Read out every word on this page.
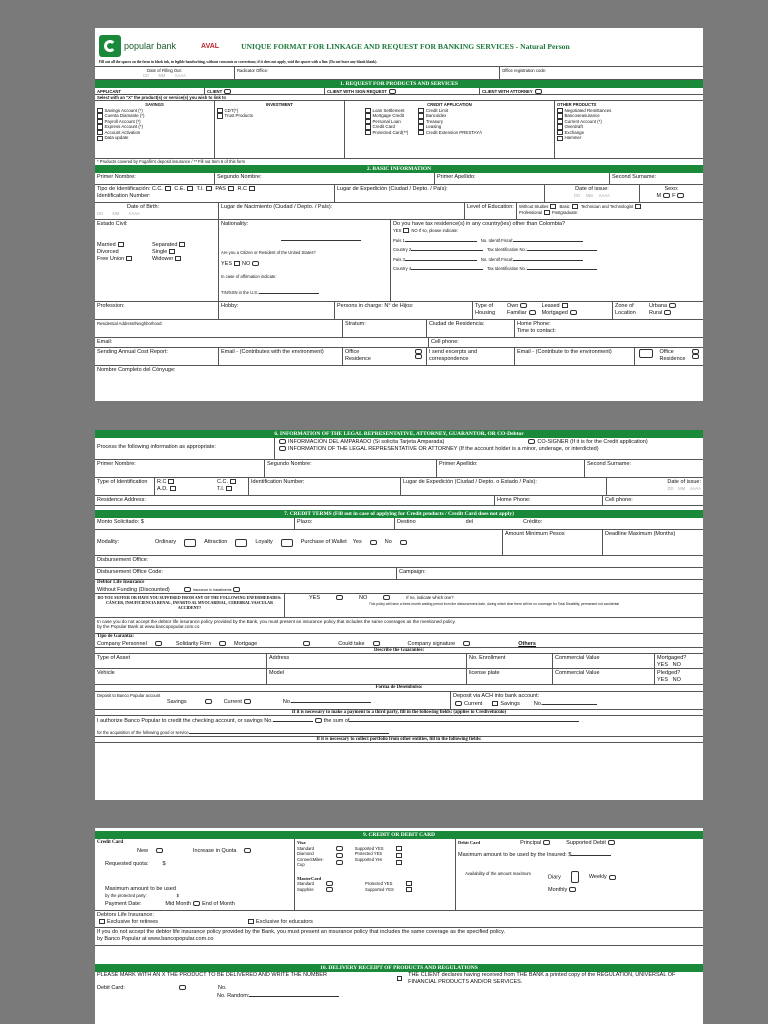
popular bank	AVAL	UNIQUE FORMAT FOR LINKAGE AND REQUEST FOR BANKING SERVICES - Natural Person
Fill out all the spaces on the form in black ink, in legible handwriting, without crossouts or corrections; if it does not apply, void the spaces with a line. (Do not leave any blank blank).
Date of Filling Out:
DD MM AAAA
Radicator Office:	Office registration code:
1. REQUEST FOR PRODUCTS AND SERVICES
APPLICANT	CLIENT	CLIENT WITH SIGN REQUEST	CLIENT WITH ATTORNEY
Select with an "X" the product(s) or service(s) you wish to link to
SAVINGS
Savings Account (*)
Cuenta Diamante (*)
Payroll Account (*)
Express Account (*)
Account Activation
Data update
INVESTMENT
CDT(*)
Trust Products
CREDIT APPLICATION
Loan Settlement
Mortgage Credit
Personal Loan
Credit Card
Protected Card(**)
Credit Limit
Bancoldex
Treasury
Leasing
Credit Extension PRESTAYÁ
OTHER PRODUCTS
Negotiated Remittances
Bancoseasurance
Current Account (*)
Overdraft
Exchange
Hammer
* Products covered by Fogafín's deposit insurance / ** Fill out Item 6 of this form
2. BASIC INFORMATION
Primer Nombre:	Segundo Nombre:	Primer Apellido:	Second Surname:
Tipo de Identificación: C.C. C.E. T.I. PAS R.C
Identification Number:
Lugar de Expedición (Ciudad / Depto. / País):	Date of issue:
DD MM AAAA
Sexo:
M F
Date of Birth:
DD MM AAAA
Lugar de Nacimiento (Ciudad / Depto. / País):	Level of Education:	Without Studies	Basic	Technician and Technologist
Professional Postgraduate:
Estado Civil:
Married
Divorced
Free Union
Separated
Single
Widower
Nationality:
Are you a Citizen or Resident of the United States?
YES NO
In case of affirmation indicate:
TIN/SSN in the U.S.:
Do you have tax residence(s) in any country(ies) other than Colombia?
YES NO If so, please indicate:
País 1	No. Identif.Fiscal:
Country 2	Tax Identification No.:
País 3	No. Identif.Fiscal:
Country 4	Tax Identification No.:
Profession:	Hobby:	Persons in charge: N° de Hijos:	Type of Housing
Own
Familiar
Leased
Mortgaged
Zone of Location
Urbana
Rural
Residential Address/Neighborhood:	Stratum:	Ciudad de Residencia:	Home Phone:
Time to contact:
Email:	Cell phone:
Sending Annual Cost Report:	Email - (Contributes with the environment)	Office
Residence
I send excerpts and correspondence
Email - (Contribute to the environment)	Office
Residence
Nombre Completo del Cónyuge:
6. INFORMATION OF THE LEGAL REPRESENTATIVE, ATTORNEY, GUARANTOR, OR CO-Debtor
Process the following information as appropriate:
INFORMACIÓN DEL AMPARADO (Si solicita Tarjeta Amparada)	CO-SIGNER (If it is for the Credit application)
INFORMATION OF THE LEGAL REPRESENTATIVE OR ATTORNEY (If the account holder is a minor, underage, or interdicted)
Primer Nombre:	Segundo Nombre:	Primer Apellido:	Second Surname:
Type of Identification	R.C
A.D.
C.C.
T.I.
Identification Number:	Lugar de Expedición (Ciudad / Depto. o Estado / País):	Date of issue:
DD MM AAAA
Residence Address:	Home Phone:	Cell phone:
7. CREDIT TERMS (Fill out in case of applying for Credit products / Credit Card does not apply)
Monto Solicitado: $	Plazo:	Destino	del	Crédito:
Modality:	Ordinary	Attraction	Loyalty	Purchase of Wallet Yes	No
Amount Minimum Pesos	Deadline Maximum (Months)
Disbursement Office:
Disbursement Office Code:	Campaign:
Debtor Life Insurance
Without Funding (Discounted)	Insurance in Installments
DO YOU SUFFER OR HAVE YOU SUFFERED FROM ANY OF THE FOLLOWING ENFERMEDADES: CÁNCER, INSUFICIENCIA RENAL, INFARTO AL MYOCARDIAL, CEREBRAL VASCULAR ACCIDENT?
YES	NO	If no, indicate which one?
This policy will have a three-month waiting period from the disbursement date, during which time there will be no coverage for Total Disability, permanent not accidental
In case you do not accept the debtor life insurance policy provided by the Bank, you must present an insurance policy that includes the same coverages as the mentioned policy.
by the Popular Bank at www.bancopopular.com.co
Tipo de Garantía:
Company Personnel	Solidarity Firm	Mortgage	Could take	Company signature	Others
Describe the Guarantee:
Type of Asset	Address	No. Enrollment	Commercial Value	Mortgaged?
YES NO
Vehicle	Model	license plate	Commercial Value	Pledged?
YES NO
Forma de Desembolso:
Deposit to Banco Popular account
Savings	Current	No.
Deposit via ACH into bank account:
Current	Savings	No.
If it is necessary to make a payment to a third party, fill in the following fields: (applies to Credivehículo)
I authorize Banco Popular to credit the checking account, or savings No.	the sum of
for the acquisition of the following good or service
If it is necessary to collect portfolio from other entities, fill in the following fields:
9. CREDIT OR DEBIT CARD
Credit Card
New	Increase in Quota
Requested quota:	$
Maximum amount to be used
by the protected party:	$
Payment Date:	Mid Month End of Month
Visa
Standard
Diamond
ConnectMiles-
Cup
Supported YES
Protected YES
Supported Yes
MasterCard
Standard
Sapphire
Protected YES
Supported YES
Debit Card	Principal	Supported Debit
Maximum amount to be used by the Insured: $
Availability of the amount maximum
Diary	Weekly
Monthly
Debtors Life Insurance:
Exclusive for retirees	Exclusive for educators
If you do not accept the debtor life insurance policy provided by the Bank, you must present an insurance policy that includes the same coverage as the specified policy.
by Banco Popular at www.bancopopular.com.co
10. DELIVERY RECEIPT OF PRODUCTS AND REGULATIONS
PLEASE MARK WITH AN X THE PRODUCT TO BE DELIVERED AND WRITE THE NUMBER
Debit Card:	No.
No. Random:
THE CLIENT declares having received from THE BANK a printed copy of the REGULATION, UNIVERSAL OF FINANCIAL PRODUCTS AND/OR SERVICES.
